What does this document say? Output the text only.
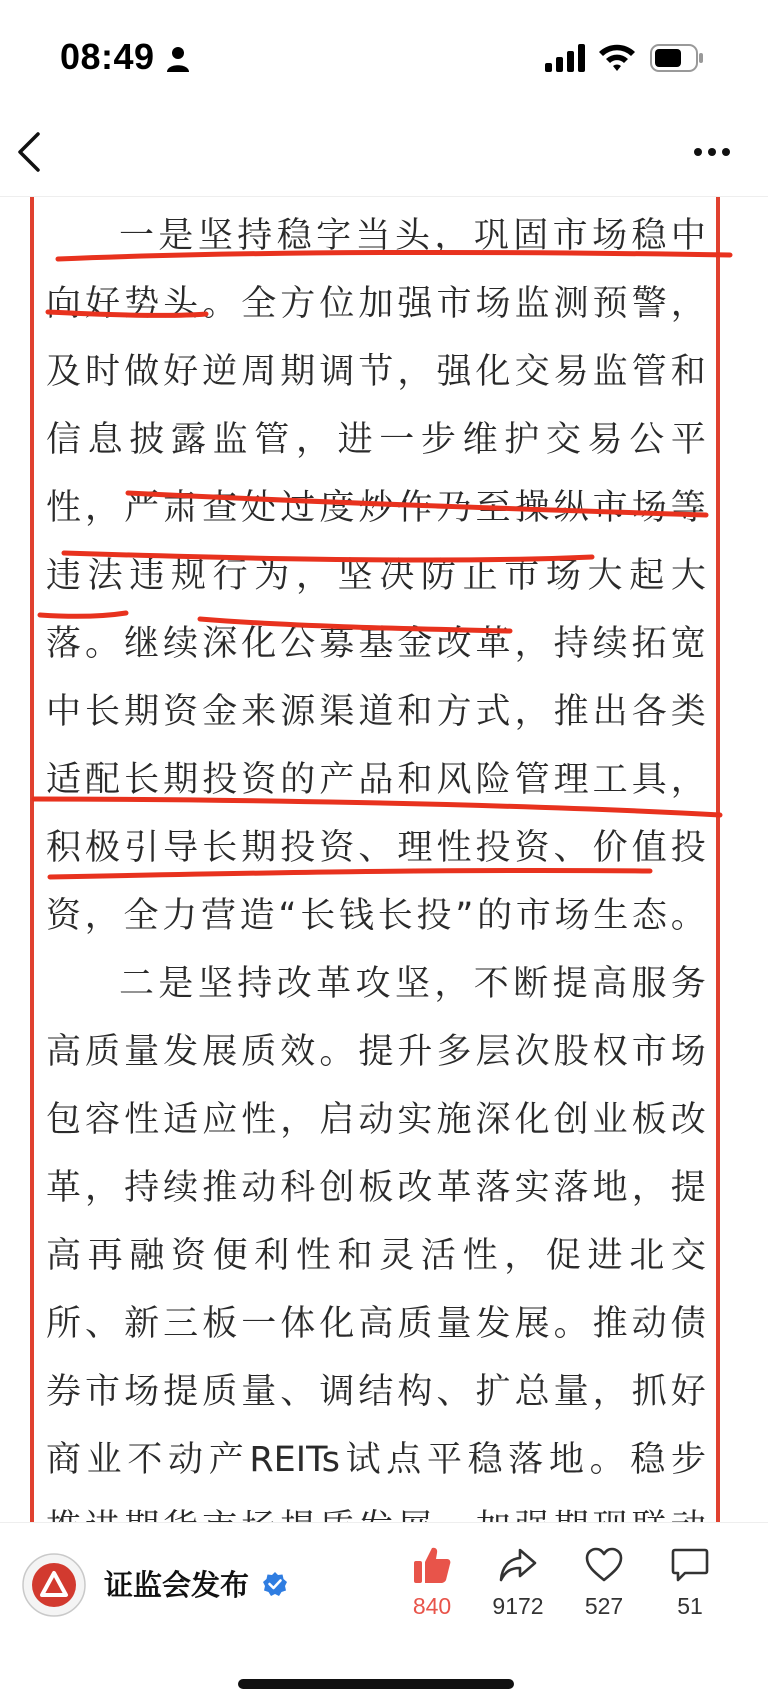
08:49
一 是 坚 持 稳 字 当 头 ， 巩 固 市 场 稳 中
向 好 势 头 。 全 方 位 加 强 市 场 监 测 预 警 ，
及 时 做 好 逆 周 期 调 节 ， 强 化 交 易 监 管 和
信 息 披 露 监 管 ， 进 一 步 维 护 交 易 公 平
性 ， 严 肃 查 处 过 度 炒 作 乃 至 操 纵 市 场 等
违 法 违 规 行 为 ， 坚 决 防 止 市 场 大 起 大
落 。 继 续 深 化 公 募 基 金 改 革 ， 持 续 拓 宽
中 长 期 资 金 来 源 渠 道 和 方 式 ， 推 出 各 类
适 配 长 期 投 资 的 产 品 和 风 险 管 理 工 具 ，
积 极 引 导 长 期 投 资 、 理 性 投 资 、 价 值 投
资 ， 全 力 营 造 “ 长 钱 长 投 ” 的 市 场 生 态 。
二 是 坚 持 改 革 攻 坚 ， 不 断 提 高 服 务
高 质 量 发 展 质 效 。 提 升 多 层 次 股 权 市 场
包 容 性 适 应 性 ， 启 动 实 施 深 化 创 业 板 改
革 ， 持 续 推 动 科 创 板 改 革 落 实 落 地 ， 提
高 再 融 资 便 利 性 和 灵 活 性 ， 促 进 北 交
所 、 新 三 板 一 体 化 高 质 量 发 展 。 推 动 债
券 市 场 提 质 量 、 调 结 构 、 扩 总 量 ， 抓 好
商 业 不 动 产 REITs 试 点 平 稳 落 地 。 稳 步
证监会发布
840	9172	527	51
